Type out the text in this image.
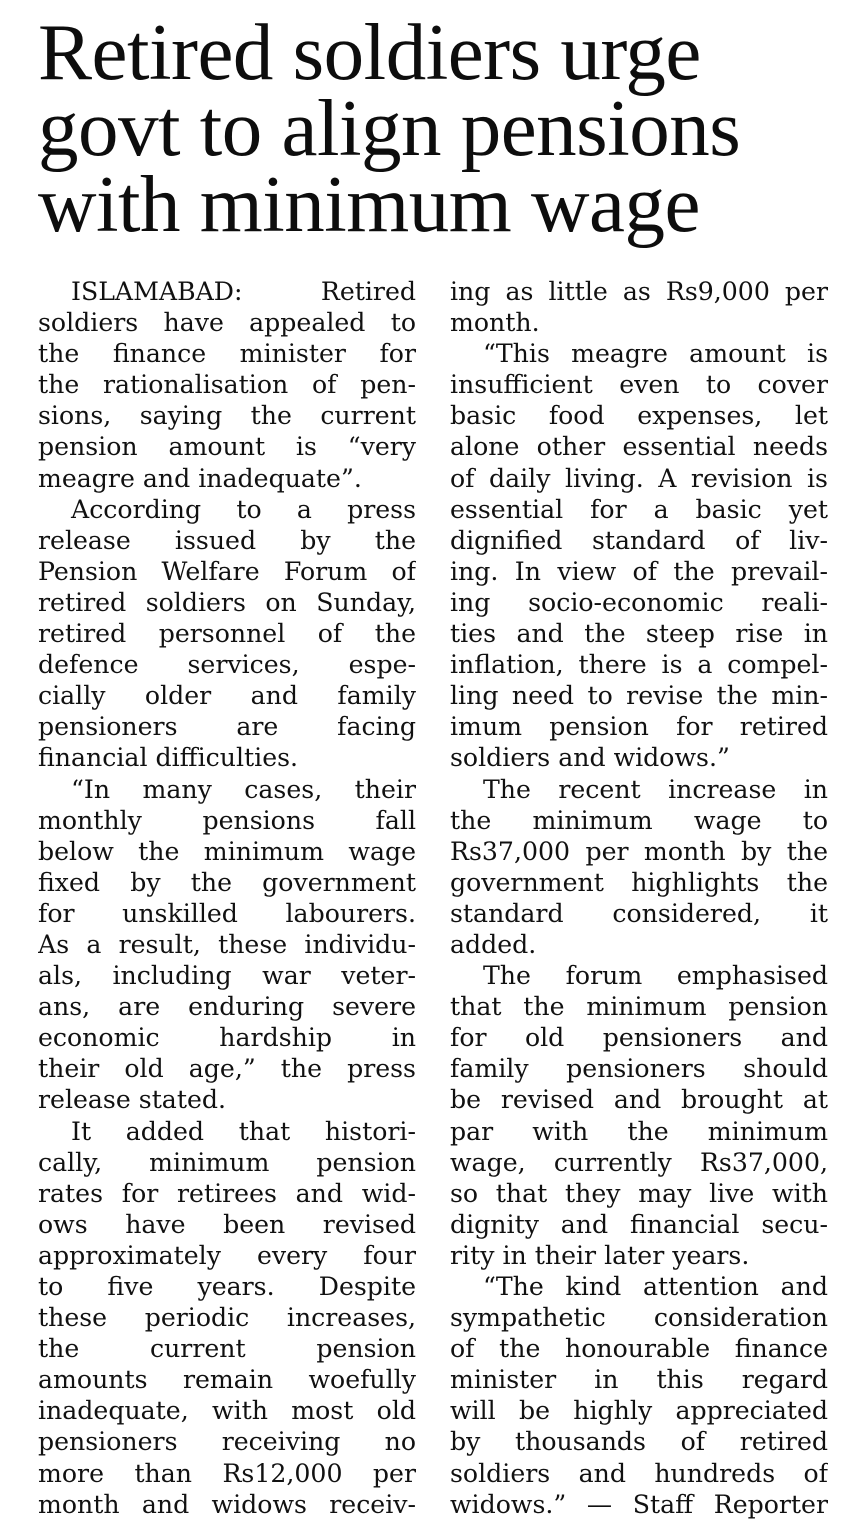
Retired soldiers urge
govt to align pensions
with minimum wage
ISLAMABAD: Retired
soldiers have appealed to
the finance minister for
the rationalisation of pen-
sions, saying the current
pension amount is “very
meagre and inadequate”.
According to a press
release issued by the
Pension Welfare Forum of
retired soldiers on Sunday,
retired personnel of the
defence services, espe-
cially older and family
pensioners are facing
financial difficulties.
“In many cases, their
monthly pensions fall
below the minimum wage
fixed by the government
for unskilled labourers.
As a result, these individu-
als, including war veter-
ans, are enduring severe
economic hardship in
their old age,” the press
release stated.
It added that histori-
cally, minimum pension
rates for retirees and wid-
ows have been revised
approximately every four
to five years. Despite
these periodic increases,
the current pension
amounts remain woefully
inadequate, with most old
pensioners receiving no
more than Rs12,000 per
month and widows receiv-
ing as little as Rs9,000 per
month.
“This meagre amount is
insufficient even to cover
basic food expenses, let
alone other essential needs
of daily living. A revision is
essential for a basic yet
dignified standard of liv-
ing. In view of the prevail-
ing socio-economic reali-
ties and the steep rise in
inflation, there is a compel-
ling need to revise the min-
imum pension for retired
soldiers and widows.”
The recent increase in
the minimum wage to
Rs37,000 per month by the
government highlights the
standard considered, it
added.
The forum emphasised
that the minimum pension
for old pensioners and
family pensioners should
be revised and brought at
par with the minimum
wage, currently Rs37,000,
so that they may live with
dignity and financial secu-
rity in their later years.
“The kind attention and
sympathetic consideration
of the honourable finance
minister in this regard
will be highly appreciated
by thousands of retired
soldiers and hundreds of
widows.” — Staff Reporter
